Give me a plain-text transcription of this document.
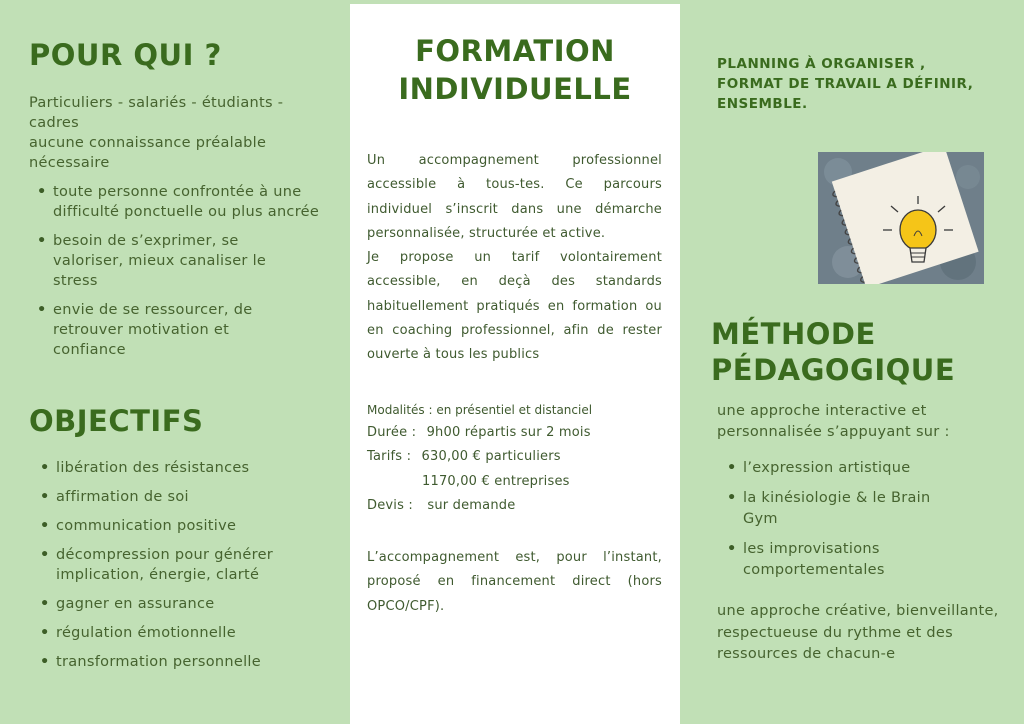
POUR QUI ?
Particuliers - salariés - étudiants - cadres
aucune connaissance préalable nécessaire
• toute personne confrontée à une difficulté ponctuelle ou plus ancrée
• besoin de s’exprimer, se valoriser, mieux canaliser le stress
• envie de se ressourcer, de retrouver motivation et confiance
OBJECTIFS
• libération des résistances
• affirmation de soi
• communication positive
• décompression pour générer implication, énergie, clarté
• gagner en assurance
• régulation émotionnelle
• transformation personnelle
FORMATION
INDIVIDUELLE
Un accompagnement professionnel accessible à tous-tes. Ce parcours individuel s’inscrit dans une démarche personnalisée, structurée et active.
Je propose un tarif volontairement accessible, en deçà des standards habituellement pratiqués en formation ou en coaching professionnel, afin de rester ouverte à tous les publics
Modalités : en présentiel et distanciel
Durée : 9h00 répartis sur 2 mois
Tarifs : 630,00 € particuliers
1170,00 € entreprises
Devis : sur demande
L’accompagnement est, pour l’instant, proposé en financement direct (hors OPCO/CPF).
PLANNING À ORGANISER ,
FORMAT DE TRAVAIL A DÉFINIR,
ENSEMBLE.
MÉTHODE
PÉDAGOGIQUE
une approche interactive et personnalisée s’appuyant sur :
• l’expression artistique
• la kinésiologie & le Brain Gym
• les improvisations comportementales
une approche créative, bienveillante, respectueuse du rythme et des ressources de chacun-e
